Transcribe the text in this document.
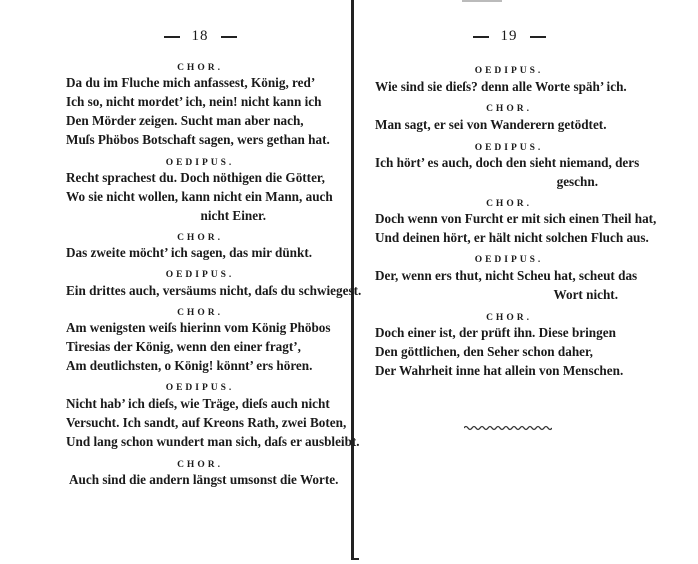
18
CHOR.
Da du im Fluche mich anfassest, König, red’
Ich so, nicht mordet’ ich, nein! nicht kann ich
Den Mörder zeigen. Sucht man aber nach,
Muſs Phöbos Botschaft sagen, wers gethan hat.
OEDIPUS.
Recht sprachest du. Doch nöthigen die Götter,
Wo sie nicht wollen, kann nicht ein Mann, auch
nicht Einer.
CHOR.
Das zweite möcht’ ich sagen, das mir dünkt.
OEDIPUS.
Ein drittes auch, versäums nicht, daſs du schwiegest.
CHOR.
Am wenigsten weiſs hierinn vom König Phöbos
Tiresias der König, wenn den einer fragt’,
Am deutlichsten, o König! könnt’ ers hören.
OEDIPUS.
Nicht hab’ ich dieſs, wie Träge, dieſs auch nicht
Versucht. Ich sandt, auf Kreons Rath, zwei Boten,
Und lang schon wundert man sich, daſs er ausbleibt.
CHOR.
Auch sind die andern längst umsonst die Worte.
19
OEDIPUS.
Wie sind sie dieſs? denn alle Worte späh’ ich.
CHOR.
Man sagt, er sei von Wanderern getödtet.
OEDIPUS.
Ich hört’ es auch, doch den sieht niemand, ders
geschn.
CHOR.
Doch wenn von Furcht er mit sich einen Theil hat,
Und deinen hört, er hält nicht solchen Fluch aus.
OEDIPUS.
Der, wenn ers thut, nicht Scheu hat, scheut das
Wort nicht.
CHOR.
Doch einer ist, der prüft ihn. Diese bringen
Den göttlichen, den Seher schon daher,
Der Wahrheit inne hat allein von Menschen.
